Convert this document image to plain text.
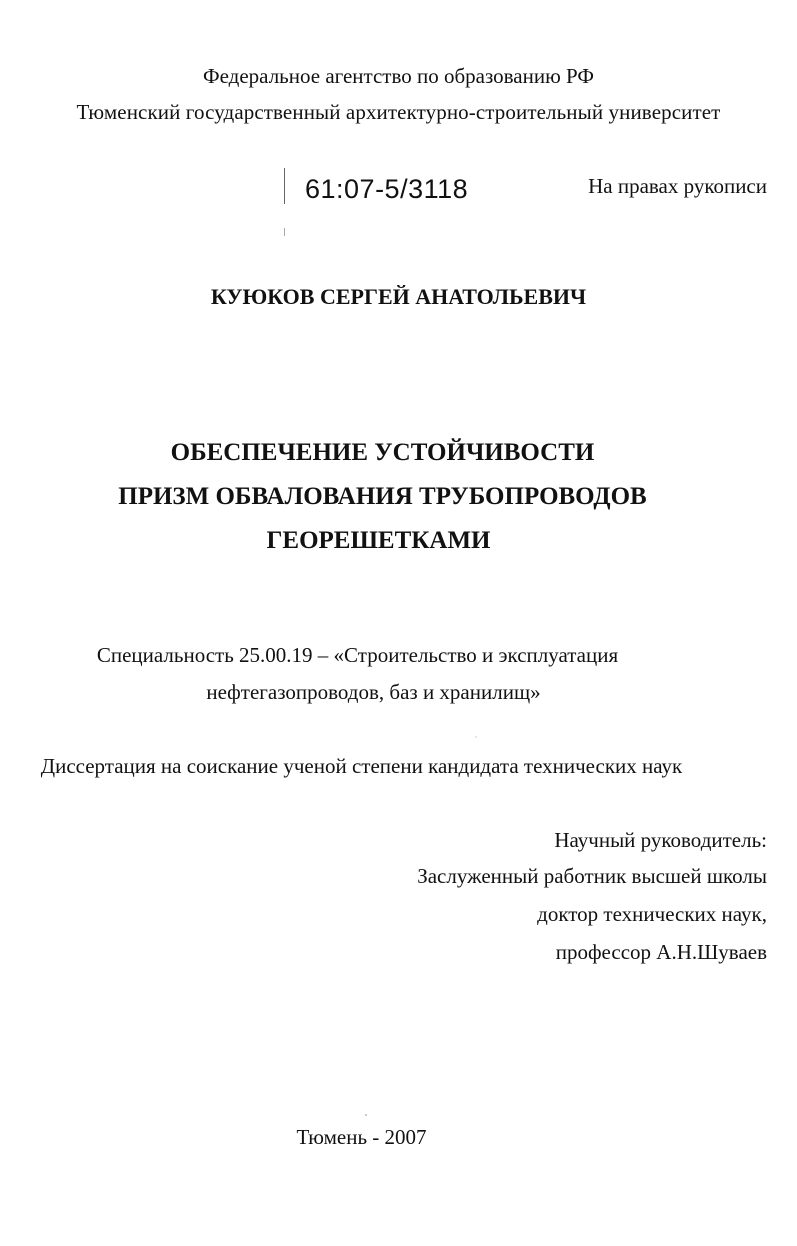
Федеральное агентство по образованию РФ
Тюменский государственный архитектурно-строительный университет
61:07-5/3118	На правах рукописи
КУЮКОВ СЕРГЕЙ АНАТОЛЬЕВИЧ
ОБЕСПЕЧЕНИЕ УСТОЙЧИВОСТИ
ПРИЗМ ОБВАЛОВАНИЯ ТРУБОПРОВОДОВ
ГЕОРЕШЕТКАМИ
Специальность 25.00.19 – «Строительство и эксплуатация
нефтегазопроводов, баз и хранилищ»
Диссертация на соискание ученой степени кандидата технических наук
Научный руководитель:
Заслуженный работник высшей школы
доктор технических наук,
профессор А.Н.Шуваев
Тюмень - 2007
